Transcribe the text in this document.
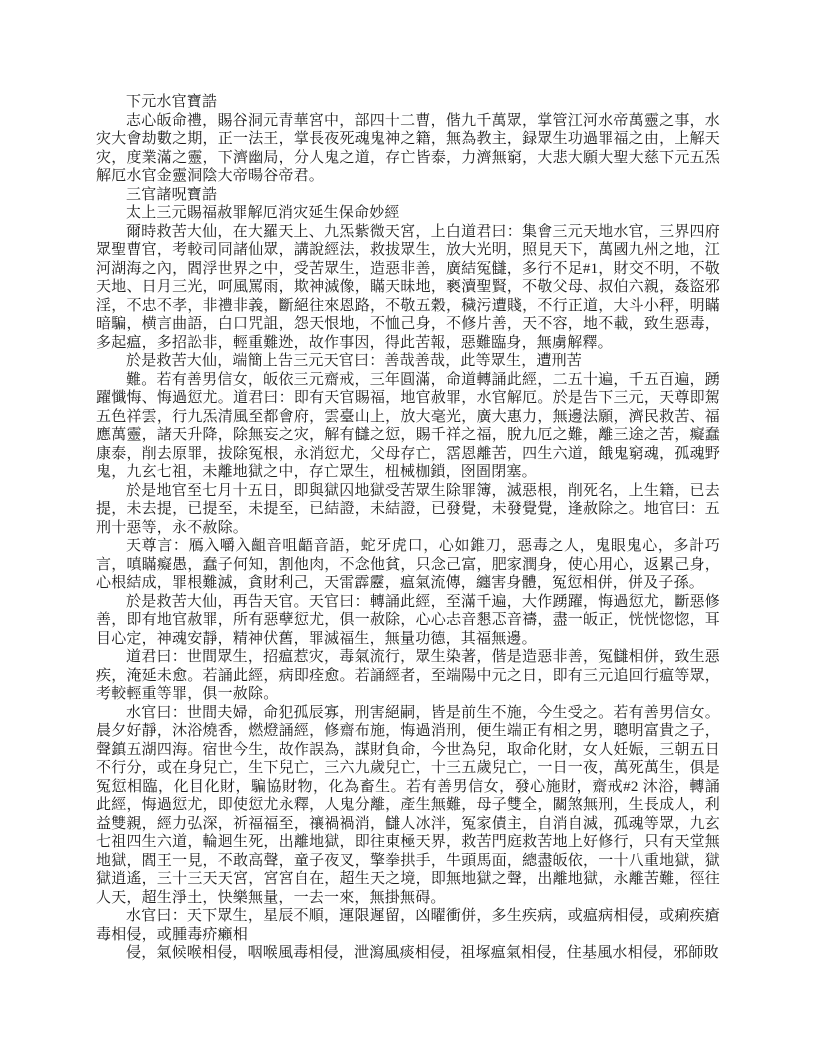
下元水官寶誥

志心皈命禮，賜谷洞元青華宮中，部四十二曹，偕九千萬眾，掌管江河水帝萬靈之事，水灾大會劫數之期，正一法王，掌長夜死魂鬼神之籍，無為教主，録眾生功過罪福之由，上解天灾，度業滿之靈，下濟幽局，分人鬼之道，存亡皆泰，力濟無窮，大悲大願大聖大慈下元五炁解厄水官金靈洞陰大帝暘谷帝君。

三官諸呪寶誥

太上三元賜福赦罪解厄消灾延生保命妙經

爾時救苦大仙，在大羅天上、九炁紫微天宮，上白道君曰：集會三元天地水官，三界四府眾聖曹官，考較司同諸仙眾，講說經法，救拔眾生，放大光明，照見天下，萬國九州之地，江河湖海之內，閻浮世界之中，受苦眾生，造惡非善，廣結冤讎，多行不足#1，財交不明，不敬天地、日月三光，呵風罵雨，欺神滅像，瞞天昧地，褻瀆聖賢，不敬父母、叔伯六親，姦盜邪淫，不忠不孝，非禮非義，斷絕往來恩路，不敬五穀，穢污遭賤，不行正道，大斗小秤，明瞞暗騙，横言曲語，白口咒詛，怨天恨地，不恤己身，不修片善，天不容，地不載，致生惡毒，多起瘟，多招訟非，輕重難迯，故作事因，得此苦報，惡難臨身，無虜解釋。

於是救苦大仙，端簡上告三元天官曰：善哉善哉，此等眾生，遭刑苦

難。若有善男信女，皈依三元齋戒，三年圓滿，命道轉誦此經，二五十遍，千五百遍，踴躍懺悔、悔過愆尤。道君曰：即有天官賜福，地官赦罪，水官解厄。於是告下三元，天尊即駕五色祥雲，行九炁清風至都會府，雲臺山上，放大毫光，廣大惠力，無邊法願，濟民救苦、福應萬靈，諸天升降，除無妄之灾，解有讎之愆，賜千祥之福，脫九厄之難，離三途之苦，癡蠢康泰，削去原罪，拔除冤根，永消愆尤，父母存亡，霑恩離苦，四生六道，餓鬼窮魂，孤魂野鬼，九玄七祖，未離地獄之中，存亡眾生，杻械枷鎖，囹圄閉塞。

於是地官至七月十五日，即與獄囚地獄受苦眾生除罪簿，滅惡根，削死名，上生籍，已去提，未去提，已提至，未提至，已結證，未結證，已發覺，未發覺覺，逢赦除之。地官曰：五刑十惡等，永不赦除。

天尊言：鴈入嚼入齟音咀齬音語，蛇牙虎口，心如錐刀，惡毒之人，鬼眼鬼心，多計巧言，嗔瞞癡愚，蠢子何知，割他肉，不念他貧，只念己富，肥家潤身，使心用心，返累己身，心根結成，罪根難滅，貪財利己，天雷霹靂，瘟氣流傳，纏害身體，冤愆相併，併及子孫。

於是救苦大仙，再告天官。天官曰：轉誦此經，至滿千遍，大作踴躍，悔過愆尤，斷惡修善，即有地官赦罪，所有惡孽愆尤，俱一赦除，心心忐音懇忑音禱，盡一皈正，恍恍惚惚，耳目心定，神魂安靜，精神伏舊，罪滅福生，無量功德，其福無邊。

道君曰：世間眾生，招瘟惹灾，毒氣流行，眾生染著，偕是造惡非善，冤讎相併，致生惡疾，淹延未愈。若誦此經，病即痊愈。若誦經者，至端陽中元之日，即有三元追回行瘟等眾，考較輕重等罪，俱一赦除。

水官曰：世間夫婦，命犯孤辰寡，刑害絕嗣，皆是前生不施，今生受之。若有善男信女。晨夕好靜，沐浴燒香，燃燈誦經，修齋布施，悔過消刑，便生端正有相之男，聰明富貴之子，聲鎮五湖四海。宿世今生，故作誤為，謀財負命，今世為兒，取命化財，女人妊娠，三朝五日不行分，或在身兒亡，生下兒亡，三六九歲兒亡，十三五歲兒亡，一日一夜，萬死萬生，俱是冤愆相臨，化目化財，騙協財物，化為畜生。若有善男信女，發心施財，齋戒#2 沐浴，轉誦此經，悔過愆尤，即使愆尤永釋，人鬼分離，產生無難，母子雙全，關煞無刑，生長成人，利益雙親，經力弘深，祈福福至，禳禍禍消，讎人冰泮，冤家債主，自消自滅，孤魂等眾，九玄七祖四生六道，輪迴生死，出離地獄，即往東極天界，救苦門庭救苦地上好修行，只有天堂無地獄，閻王一見，不敢高聲，童子夜叉，擎拳拱手，牛頭馬面，總盡皈依，一十八重地獄，獄獄逍遙，三十三天天宮，宮宮自在，超生天之境，即無地獄之聲，出離地獄，永離苦難，徑往人天，超生淨土，快樂無量，一去一來，無掛無碍。

水官曰：天下眾生，星辰不順，運限遲留，凶曜衝併，多生疾病，或瘟病相侵，或痢疾瘡毒相侵，或腫毒疥癩相

侵，氣候喉相侵，咽喉風毒相侵，泄瀉風痰相侵，祖塚瘟氣相侵，住基風水相侵，邪師敗
